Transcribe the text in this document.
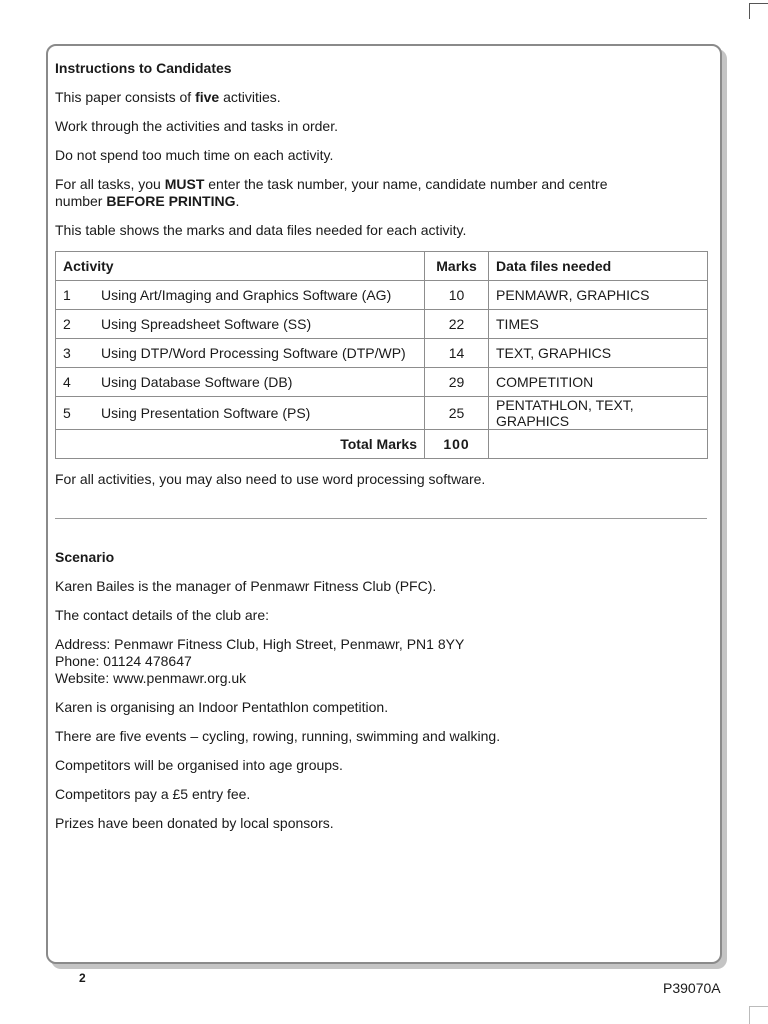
Instructions to Candidates

This paper consists of five activities.

Work through the activities and tasks in order.

Do not spend too much time on each activity.

For all tasks, you MUST enter the task number, your name, candidate number and centre number BEFORE PRINTING.

This table shows the marks and data files needed for each activity.

Activity	Marks	Data files needed
1 Using Art/Imaging and Graphics Software (AG)	10	PENMAWR, GRAPHICS
2 Using Spreadsheet Software (SS)	22	TIMES
3 Using DTP/Word Processing Software (DTP/WP)	14	TEXT, GRAPHICS
4 Using Database Software (DB)	29	COMPETITION
5 Using Presentation Software (PS)	25	PENTATHLON, TEXT, GRAPHICS
Total Marks	100	

For all activities, you may also need to use word processing software.

Scenario

Karen Bailes is the manager of Penmawr Fitness Club (PFC).

The contact details of the club are:

Address: Penmawr Fitness Club, High Street, Penmawr, PN1 8YY

Phone: 01124 478647

Website: www.penmawr.org.uk

Karen is organising an Indoor Pentathlon competition.

There are five events – cycling, rowing, running, swimming and walking.

Competitors will be organised into age groups.

Competitors pay a £5 entry fee.

Prizes have been donated by local sponsors.

2
P39070A
